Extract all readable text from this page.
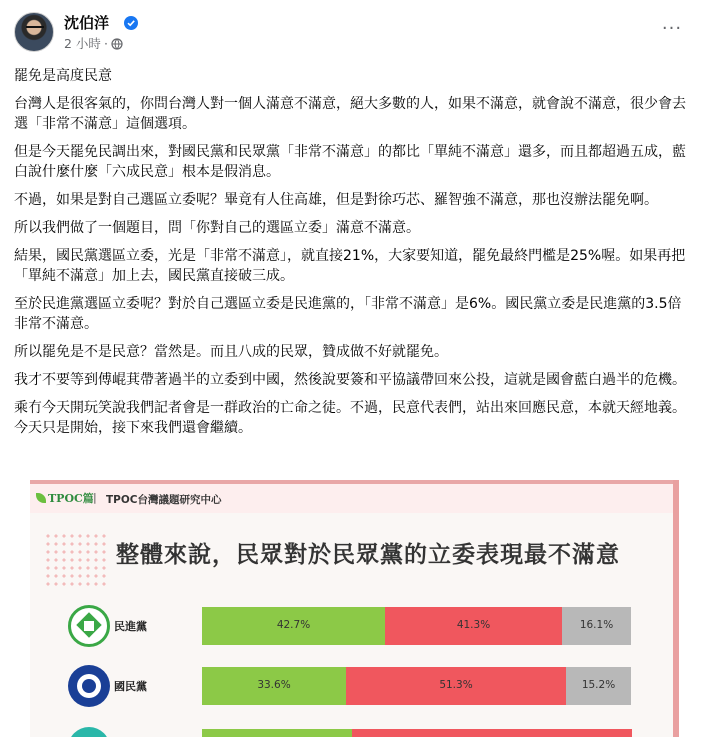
沈伯洋
2 小時 ·
···

罷免是高度民意

台灣人是很客氣的，你問台灣人對一個人滿意不滿意，絕大多數的人，如果不滿意，就會說不滿意，很少會去選「非常不滿意」這個選項。

但是今天罷免民調出來，對國民黨和民眾黨「非常不滿意」的都比「單純不滿意」還多，而且都超過五成，藍白說什麼什麼「六成民意」根本是假消息。

不過，如果是對自己選區立委呢？畢竟有人住高雄，但是對徐巧芯、羅智強不滿意，那也沒辦法罷免啊。

所以我們做了一個題目，問「你對自己的選區立委」滿意不滿意。

結果，國民黨選區立委，光是「非常不滿意」，就直接21%，大家要知道，罷免最終門檻是25%喔。如果再把「單純不滿意」加上去，國民黨直接破三成。

至於民進黨選區立委呢？對於自己選區立委是民進黨的，「非常不滿意」是6%。國民黨立委是民進黨的3.5倍非常不滿意。

所以罷免是不是民意？當然是。而且八成的民眾，贊成做不好就罷免。

我才不要等到傅崐萁帶著過半的立委到中國，然後說要簽和平協議帶回來公投，這就是國會藍白過半的危機。

乘冇今天開玩笑說我們記者會是一群政治的亡命之徒。不過，民意代表們，站出來回應民意，本就天經地義。今天只是開始，接下來我們還會繼續。

TPOC篇 | TPOC台灣議題研究中心
整體來說，民眾對於民眾黨的立委表現最不滿意
民進黨	42.7%	41.3%	16.1%
國民黨	33.6%	51.3%	15.2%
